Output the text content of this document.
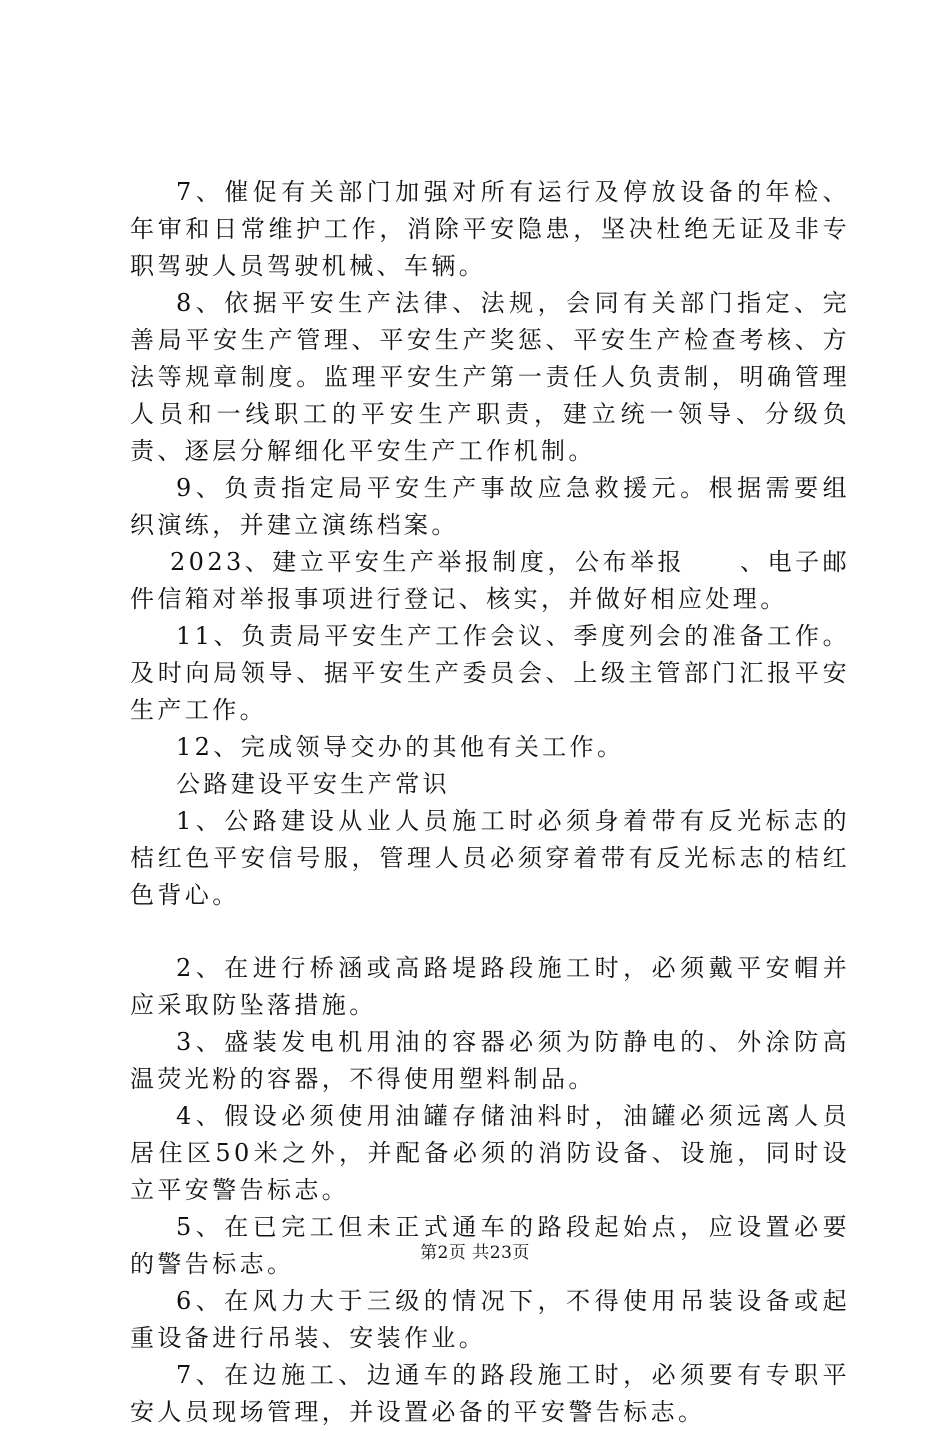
7、催促有关部门加强对所有运行及停放设备的年检、年审和日常维护工作，消除平安隐患，坚决杜绝无证及非专职驾驶人员驾驶机械、车辆。

8、依据平安生产法律、法规，会同有关部门指定、完善局平安生产管理、平安生产奖惩、平安生产检查考核、方法等规章制度。监理平安生产第一责任人负责制，明确管理人员和一线职工的平安生产职责，建立统一领导、分级负责、逐层分解细化平安生产工作机制。

9、负责指定局平安生产事故应急救援元。根据需要组织演练，并建立演练档案。

2023、建立平安生产举报制度，公布举报　　、电子邮件信箱对举报事项进行登记、核实，并做好相应处理。

11、负责局平安生产工作会议、季度列会的准备工作。及时向局领导、据平安生产委员会、上级主管部门汇报平安生产工作。

12、完成领导交办的其他有关工作。

公路建设平安生产常识

1、公路建设从业人员施工时必须身着带有反光标志的桔红色平安信号服，管理人员必须穿着带有反光标志的桔红色背心。

2、在进行桥涵或高路堤路段施工时，必须戴平安帽并应采取防坠落措施。

3、盛装发电机用油的容器必须为防静电的、外涂防高温荧光粉的容器，不得使用塑料制品。

4、假设必须使用油罐存储油料时，油罐必须远离人员居住区50米之外，并配备必须的消防设备、设施，同时设立平安警告标志。

5、在已完工但未正式通车的路段起始点，应设置必要的警告标志。

6、在风力大于三级的情况下，不得使用吊装设备或起重设备进行吊装、安装作业。

7、在边施工、边通车的路段施工时，必须要有专职平安人员现场管理，并设置必备的平安警告标志。

第2页 共23页
